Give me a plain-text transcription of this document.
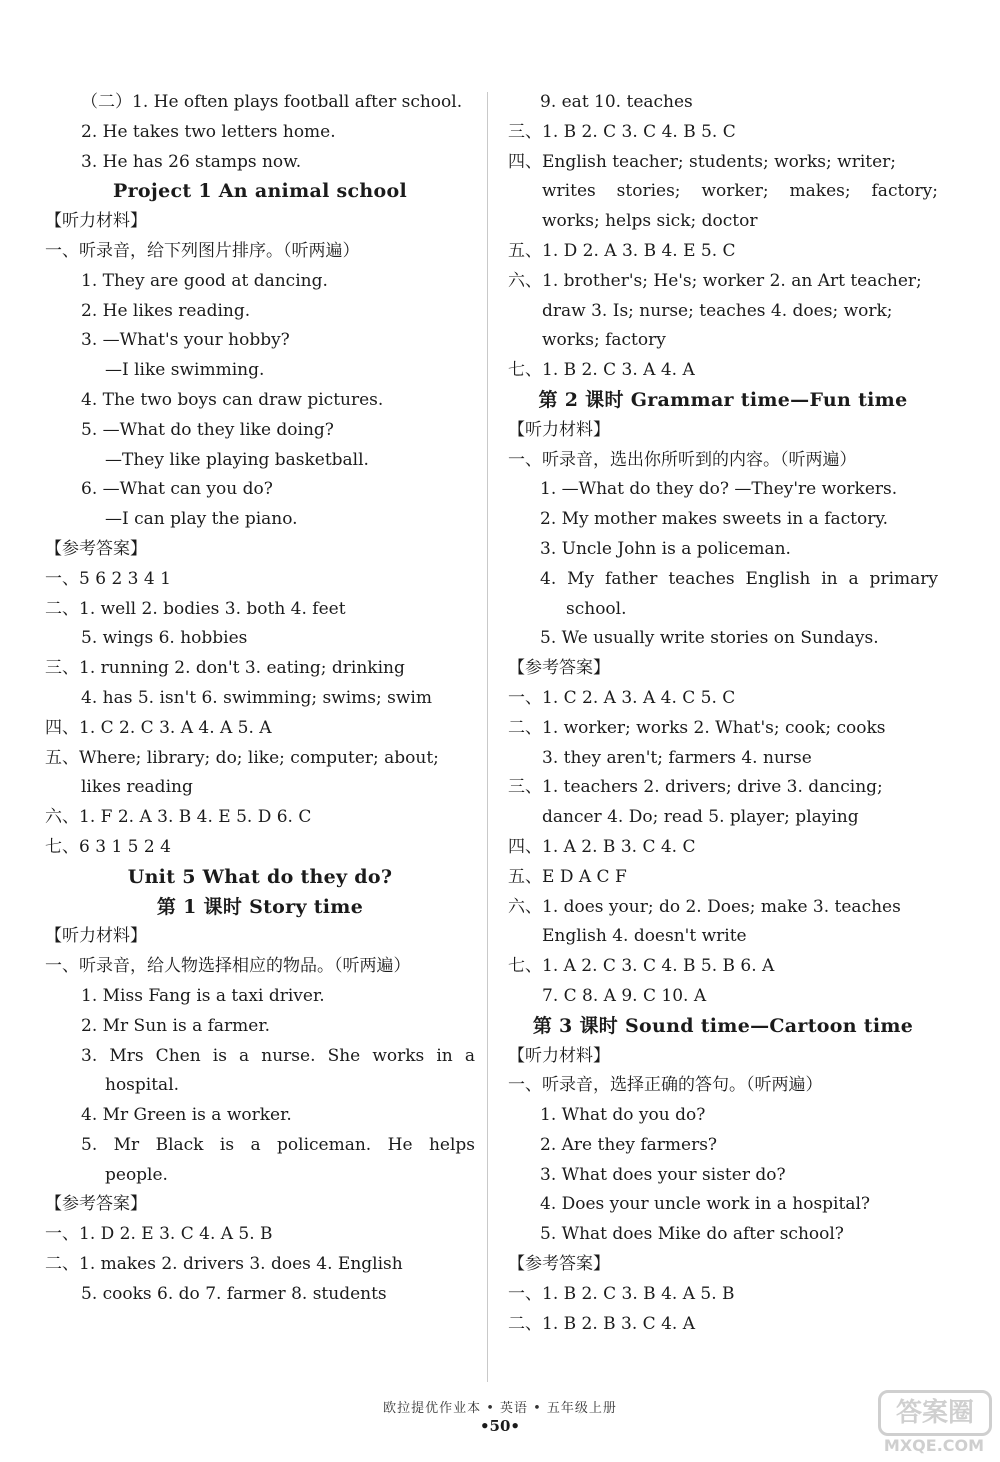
（二）1. He often plays football after school.
2. He takes two letters home.
3. He has 26 stamps now.
Project 1 An animal school
【听力材料】
一、听录音，给下列图片排序。（听两遍）
1. They are good at dancing.
2. He likes reading.
3. —What's your hobby?
—I like swimming.
4. The two boys can draw pictures.
5. —What do they like doing?
—They like playing basketball.
6. —What can you do?
—I can play the piano.
【参考答案】
一、5 6 2 3 4 1
二、1. well 2. bodies 3. both 4. feet
5. wings 6. hobbies
三、1. running 2. don't 3. eating; drinking
4. has 5. isn't 6. swimming; swims; swim
四、1. C 2. C 3. A 4. A 5. A
五、Where; library; do; like; computer; about;
likes reading
六、1. F 2. A 3. B 4. E 5. D 6. C
七、6 3 1 5 2 4
Unit 5 What do they do?
第 1 课时 Story time
【听力材料】
一、听录音，给人物选择相应的物品。（听两遍）
1. Miss Fang is a taxi driver.
2. Mr Sun is a farmer.
3. Mrs Chen is a nurse. She works in a
hospital.
4. Mr Green is a worker.
5. Mr Black is a policeman. He helps
people.
【参考答案】
一、1. D 2. E 3. C 4. A 5. B
二、1. makes 2. drivers 3. does 4. English
5. cooks 6. do 7. farmer 8. students
9. eat 10. teaches
三、1. B 2. C 3. C 4. B 5. C
四、English teacher; students; works; writer;
writes stories; worker; makes; factory;
works; helps sick; doctor
五、1. D 2. A 3. B 4. E 5. C
六、1. brother's; He's; worker 2. an Art teacher;
draw 3. Is; nurse; teaches 4. does; work;
works; factory
七、1. B 2. C 3. A 4. A
第 2 课时 Grammar time—Fun time
【听力材料】
一、听录音，选出你所听到的内容。（听两遍）
1. —What do they do? —They're workers.
2. My mother makes sweets in a factory.
3. Uncle John is a policeman.
4. My father teaches English in a primary
school.
5. We usually write stories on Sundays.
【参考答案】
一、1. C 2. A 3. A 4. C 5. C
二、1. worker; works 2. What's; cook; cooks
3. they aren't; farmers 4. nurse
三、1. teachers 2. drivers; drive 3. dancing;
dancer 4. Do; read 5. player; playing
四、1. A 2. B 3. C 4. C
五、E D A C F
六、1. does your; do 2. Does; make 3. teaches
English 4. doesn't write
七、1. A 2. C 3. C 4. B 5. B 6. A
7. C 8. A 9. C 10. A
第 3 课时 Sound time—Cartoon time
【听力材料】
一、听录音，选择正确的答句。（听两遍）
1. What do you do?
2. Are they farmers?
3. What does your sister do?
4. Does your uncle work in a hospital?
5. What does Mike do after school?
【参考答案】
一、1. B 2. C 3. B 4. A 5. B
二、1. B 2. B 3. C 4. A
欧拉提优作业本 • 英语 • 五年级上册
•50•	答案圈
MXQE.COM
